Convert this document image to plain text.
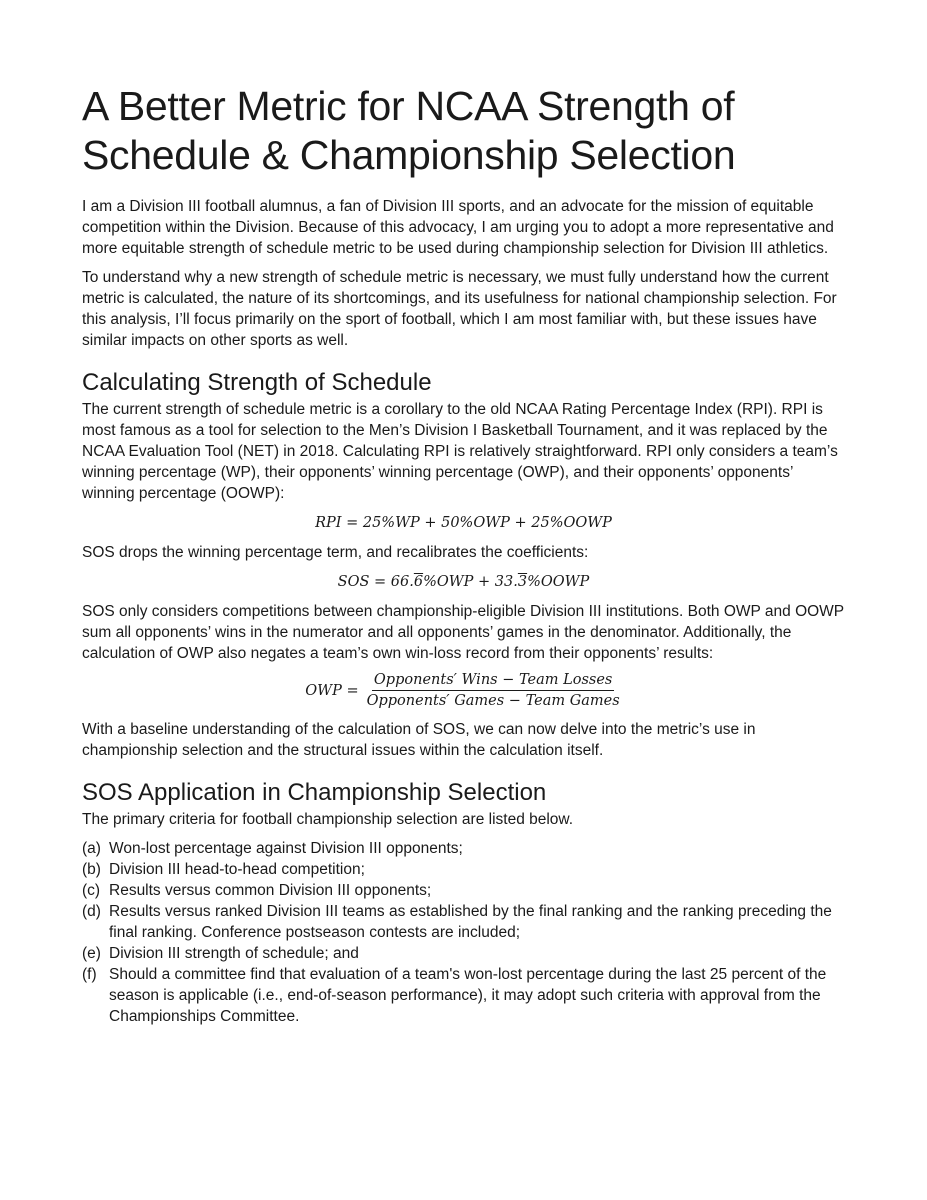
A Better Metric for NCAA Strength of Schedule & Championship Selection

I am a Division III football alumnus, a fan of Division III sports, and an advocate for the mission of equitable competition within the Division. Because of this advocacy, I am urging you to adopt a more representative and more equitable strength of schedule metric to be used during championship selection for Division III athletics.

To understand why a new strength of schedule metric is necessary, we must fully understand how the current metric is calculated, the nature of its shortcomings, and its usefulness for national championship selection. For this analysis, I’ll focus primarily on the sport of football, which I am most familiar with, but these issues have similar impacts on other sports as well.

Calculating Strength of Schedule

The current strength of schedule metric is a corollary to the old NCAA Rating Percentage Index (RPI). RPI is most famous as a tool for selection to the Men’s Division I Basketball Tournament, and it was replaced by the NCAA Evaluation Tool (NET) in 2018. Calculating RPI is relatively straightforward. RPI only considers a team’s winning percentage (WP), their opponents’ winning percentage (OWP), and their opponents’ opponents’ winning percentage (OOWP):

RPI = 25%WP + 50%OWP + 25%OOWP

SOS drops the winning percentage term, and recalibrates the coefficients:

SOS = 66.6%OWP + 33.3%OOWP

SOS only considers competitions between championship-eligible Division III institutions. Both OWP and OOWP sum all opponents’ wins in the numerator and all opponents’ games in the denominator. Additionally, the calculation of OWP also negates a team’s own win-loss record from their opponents’ results:

OWP = $\frac{\text{Opponents′ Wins − Team Losses}}{\text{Opponents′ Games − Team Games}}$

With a baseline understanding of the calculation of SOS, we can now delve into the metric’s use in championship selection and the structural issues within the calculation itself.

SOS Application in Championship Selection

The primary criteria for football championship selection are listed below.

(a) Won-lost percentage against Division III opponents;
(b) Division III head-to-head competition;
(c) Results versus common Division III opponents;
(d) Results versus ranked Division III teams as established by the final ranking and the ranking preceding the final ranking. Conference postseason contests are included;
(e) Division III strength of schedule; and
(f) Should a committee find that evaluation of a team's won-lost percentage during the last 25 percent of the season is applicable (i.e., end-of-season performance), it may adopt such criteria with approval from the Championships Committee.
